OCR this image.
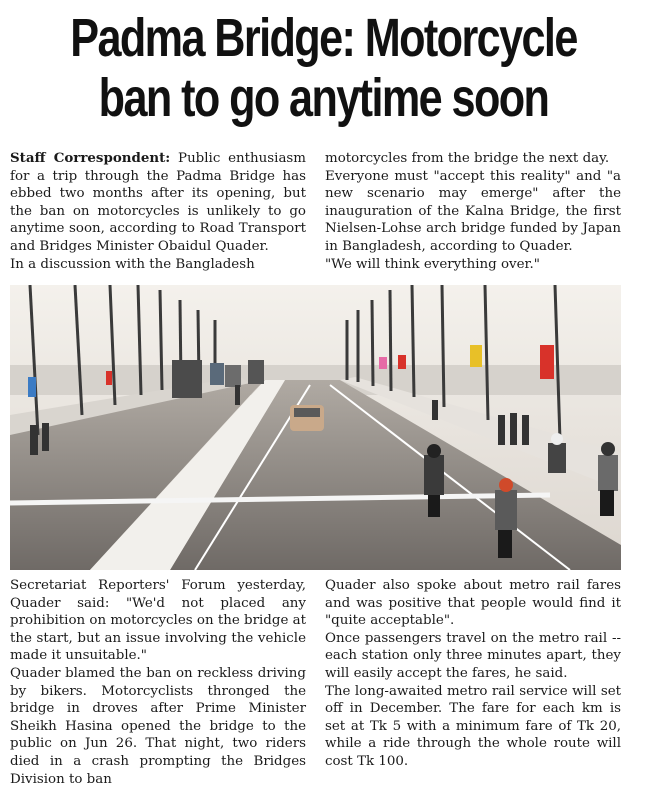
Padma Bridge: Motorcycle
ban to go anytime soon

Staff Correspondent: Public enthusiasm for a trip through the Padma Bridge has ebbed two months after its opening, but the ban on motorcycles is unlikely to go anytime soon, according to Road Transport and Bridges Minister Obaidul Quader.

In a discussion with the Bangladesh

motorcycles from the bridge the next day.

Everyone must "accept this reality" and "a new scenario may emerge" after the inauguration of the Kalna Bridge, the first Nielsen-Lohse arch bridge funded by Japan in Bangladesh, according to Quader.

"We will think everything over."

Secretariat Reporters' Forum yesterday, Quader said: "We'd not placed any prohibition on motorcycles on the bridge at the start, but an issue involving the vehicle made it unsuitable."

Quader blamed the ban on reckless driving by bikers. Motorcyclists thronged the bridge in droves after Prime Minister Sheikh Hasina opened the bridge to the public on Jun 26. That night, two riders died in a crash prompting the Bridges Division to ban

Quader also spoke about metro rail fares and was positive that people would find it "quite acceptable".

Once passengers travel on the metro rail -- each station only three minutes apart, they will easily accept the fares, he said.

The long-awaited metro rail service will set off in December. The fare for each km is set at Tk 5 with a minimum fare of Tk 20, while a ride through the whole route will cost Tk 100.
